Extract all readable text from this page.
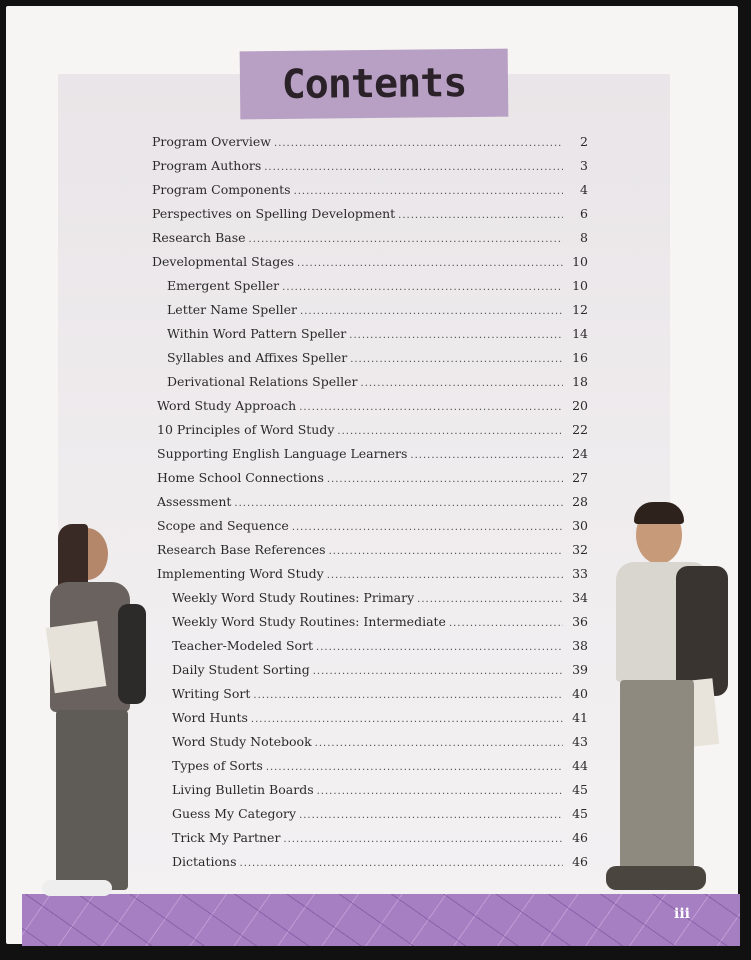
Contents
Program Overview .....	2
Program Authors .....	3
Program Components .....	4
Perspectives on Spelling Development .....	6
Research Base .....	8
Developmental Stages .....	10
Emergent Speller .....	10
Letter Name Speller .....	12
Within Word Pattern Speller .....	14
Syllables and Affixes Speller .....	16
Derivational Relations Speller .....	18
Word Study Approach .....	20
10 Principles of Word Study .....	22
Supporting English Language Learners .....	24
Home School Connections .....	27
Assessment .....	28
Scope and Sequence .....	30
Research Base References .....	32
Implementing Word Study .....	33
Weekly Word Study Routines: Primary .....	34
Weekly Word Study Routines: Intermediate .....	36
Teacher-Modeled Sort .....	38
Daily Student Sorting .....	39
Writing Sort .....	40
Word Hunts .....	41
Word Study Notebook .....	43
Types of Sorts .....	44
Living Bulletin Boards .....	45
Guess My Category .....	45
Trick My Partner .....	46
Dictations .....	46
iii
